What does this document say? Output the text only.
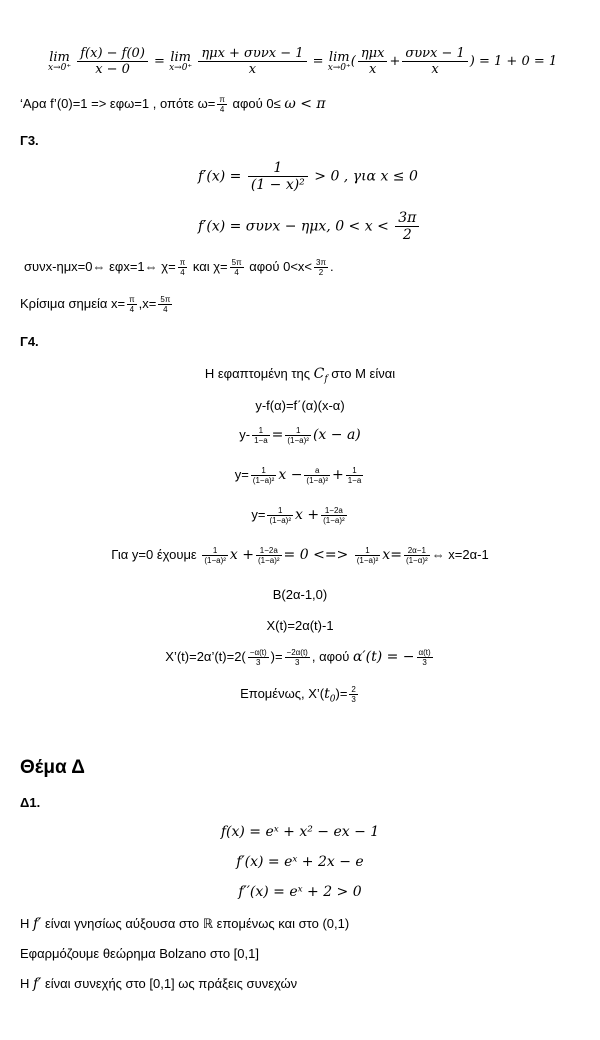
lim
x→0⁺
$\frac{f(x) - f(0)}{x - 0} = \lim$
x→0⁺
$\frac{\text{ημx + συνx − 1}}{x} = \lim$
x→0⁺ ( $\frac{\text{ημx}}{x} + \frac{\text{συνx − 1}}{x}$ ) = 1 + 0 = 1
‘Αρα f’(0)=1 => εφω=1 , οπότε $\omega= \frac{\pi}{4}$ αφού 0≤ ω < π
Γ3.
$f'(x) = \frac{1}{\text{(1 − x)²}} > 0$ , για x ≤ 0
f′(x) = συνx − ημx, $0 < x < \frac{3\pi}{2}$
συνx-ημx=0⇔ εφx=1⇔ $\chi= \frac{\pi}{4}$ και $\chi= \frac{5\pi}{4}$ αφού $0<x< \frac{3\pi}{2}$ .
Κρίσιμα σημεία $x= \frac{\pi}{4} ,x= \frac{5\pi}{4}$
Γ4.
Η εφαπτομένη της $C_f$ στο Μ είναι
y-f(α)=f΄(α)(x-α)
$y- \frac{1}{1-a} = \frac{1}{\text{(1−a)²}} (x - a)$
$y= \frac{1}{\text{(1−a)²}}$ $x - \frac{a}{\text{(1−a)²}} + \frac{1}{1-a}$
$y= \frac{1}{\text{(1−a)²}}$ $x + \frac{1-2a}{\text{(1−a)²}}$
Για y=0 έχουμε $\frac{1}{\text{(1−a)²}}$ $x + \frac{1-2a}{\text{(1−a)²}} = 0$ <=> $\frac{1}{\text{(1−a)²}} x= \frac{2\alpha-1}{\text{(1−α)²}}$ ⇔ x=2α-1
Β(2α-1,0)
Χ(t)=2α(t)-1
Χ’(t)=2α’(t)=2( $\frac{-\alpha(t)}{3}$ )= $\frac{-2\alpha(t)}{3}$ , αφού α′(t) = − $\frac{\alpha(t)}{3}$
Επομένως, $X’(t_0)= \frac{2}{3}$
Θέμα Δ
Δ1.
f(x) = eˣ + x² − ex − 1
f′(x) = eˣ + 2x − e
f′′(x) = eˣ + 2 > 0
Η f′ είναι γνησίως αύξουσα στο ℝ επομένως και στο (0,1)
Εφαρμόζουμε θεώρημα Bolzano στο [0,1]
Η f′ είναι συνεχής στο [0,1] ως πράξεις συνεχών
